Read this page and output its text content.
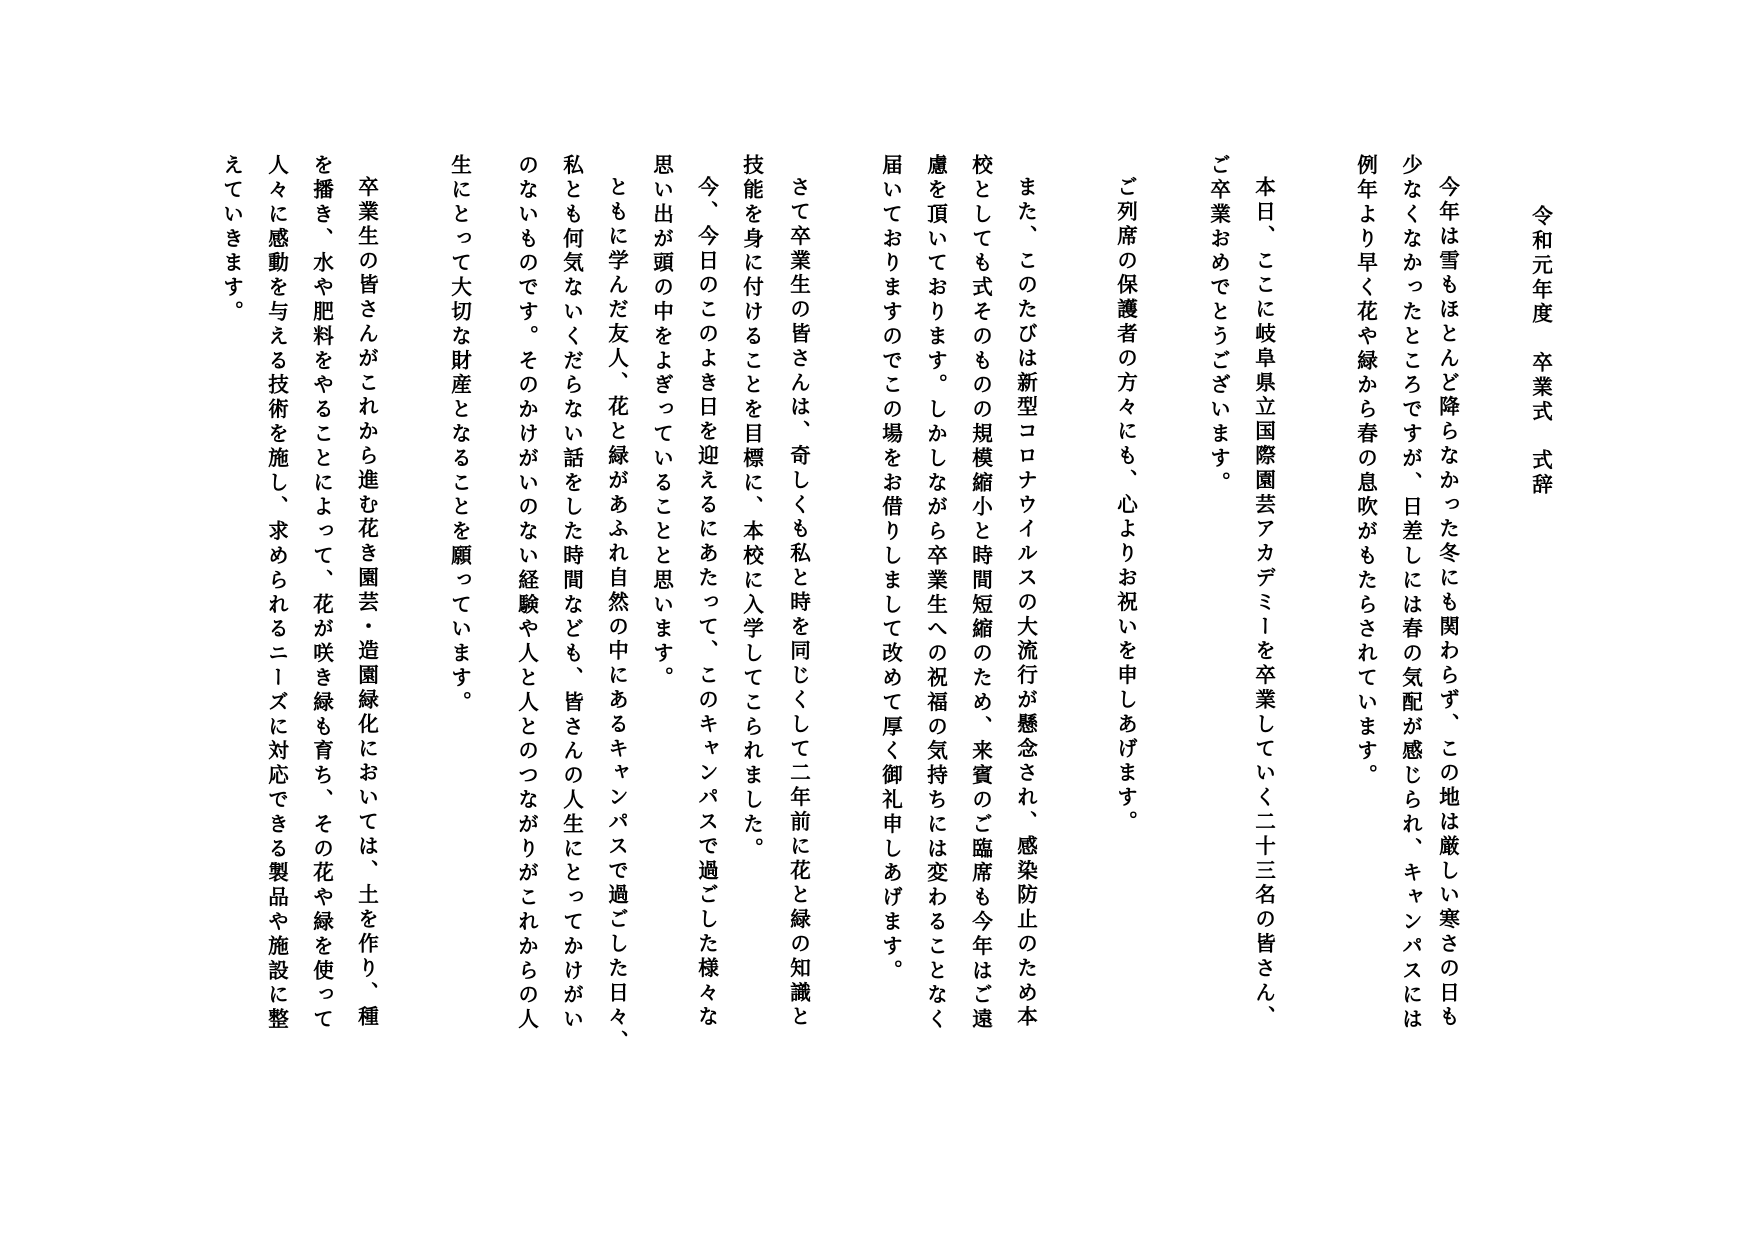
令和元年度　卒業式　式辞
今年は雪もほとんど降らなかった冬にも関わらず、この地は厳しい寒さの日も
少なくなかったところですが、日差しには春の気配が感じられ、キャンパスには
例年より早く花や緑から春の息吹がもたらされています。
本日、ここに岐阜県立国際園芸アカデミーを卒業していく二十三名の皆さん、
ご卒業おめでとうございます。
ご列席の保護者の方々にも、心よりお祝いを申しあげます。
また、このたびは新型コロナウイルスの大流行が懸念され、感染防止のため本
校としても式そのものの規模縮小と時間短縮のため、来賓のご臨席も今年はご遠
慮を頂いております。しかしながら卒業生への祝福の気持ちには変わることなく
届いておりますのでこの場をお借りしまして改めて厚く御礼申しあげます。
さて卒業生の皆さんは、奇しくも私と時を同じくして二年前に花と緑の知識と
技能を身に付けることを目標に、本校に入学してこられました。
今、今日のこのよき日を迎えるにあたって、このキャンパスで過ごした様々な
思い出が頭の中をよぎっていることと思います。
ともに学んだ友人、花と緑があふれ自然の中にあるキャンパスで過ごした日々、
私とも何気ないくだらない話をした時間なども、皆さんの人生にとってかけがい
のないものです。そのかけがいのない経験や人と人とのつながりがこれからの人
生にとって大切な財産となることを願っています。
卒業生の皆さんがこれから進む花き園芸・造園緑化においては、土を作り、種
を播き、水や肥料をやることによって、花が咲き緑も育ち、その花や緑を使って
人々に感動を与える技術を施し、求められるニーズに対応できる製品や施設に整
えていきます。
